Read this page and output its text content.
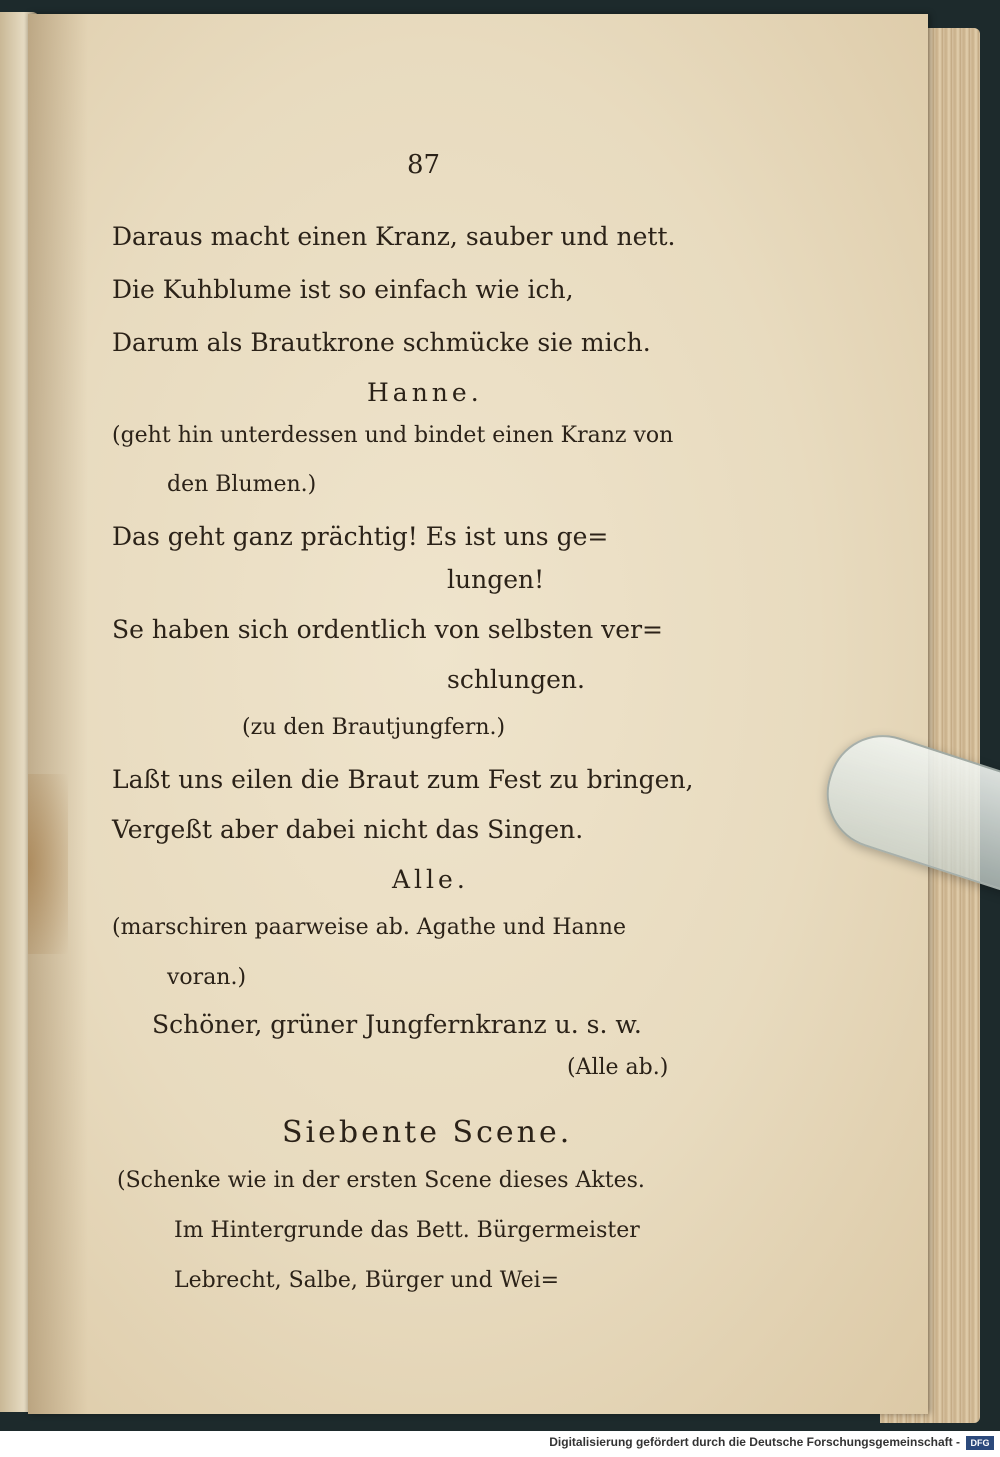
87
Daraus macht einen Kranz, sauber und nett.
Die Kuhblume ist so einfach wie ich,
Darum als Brautkrone schmücke sie mich.
Hanne.
(geht hin unterdessen und bindet einen Kranz von
den Blumen.)
Das geht ganz prächtig! Es ist uns ge=
lungen!
Se haben sich ordentlich von selbsten ver=
schlungen.
(zu den Brautjungfern.)
Laßt uns eilen die Braut zum Fest zu bringen,
Vergeßt aber dabei nicht das Singen.
Alle.
(marschiren paarweise ab. Agathe und Hanne
voran.)
Schöner, grüner Jungfernkranz u. s. w.
(Alle ab.)
Siebente Scene.
(Schenke wie in der ersten Scene dieses Aktes.
Im Hintergrunde das Bett. Bürgermeister
Lebrecht, Salbe, Bürger und Wei=
Digitalisierung gefördert durch die Deutsche Forschungsgemeinschaft -	DFG
